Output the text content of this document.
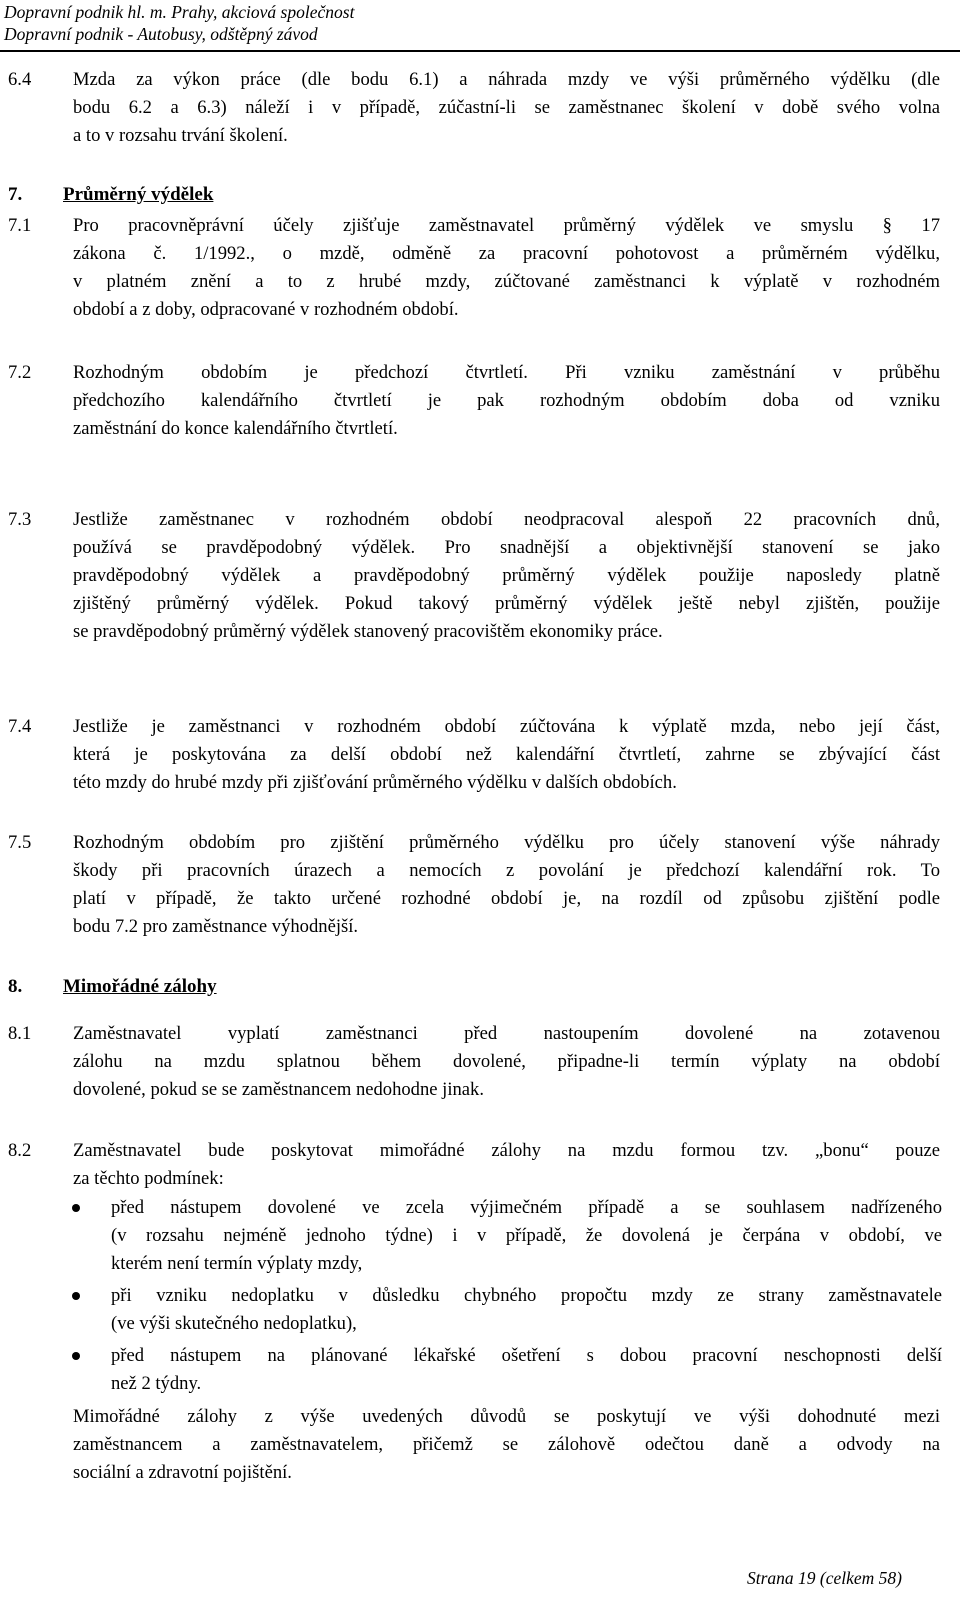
Dopravní podnik hl. m. Prahy, akciová společnost
Dopravní podnik - Autobusy, odštěpný závod
6.4 Mzda za výkon práce (dle bodu 6.1) a náhrada mzdy ve výši průměrného výdělku (dle
bodu 6.2 a 6.3) náleží i v případě, zúčastní-li se zaměstnanec školení v době svého volna
a to v rozsahu trvání školení.
7. Průměrný výdělek
7.1 Pro pracovněprávní účely zjišťuje zaměstnavatel průměrný výdělek ve smyslu § 17
zákona č. 1/1992., o mzdě, odměně za pracovní pohotovost a průměrném výdělku,
v platném znění a to z hrubé mzdy, zúčtované zaměstnanci k výplatě v rozhodném
období a z doby, odpracované v rozhodném období.
7.2 Rozhodným obdobím je předchozí čtvrtletí. Při vzniku zaměstnání v průběhu
předchozího kalendářního čtvrtletí je pak rozhodným obdobím doba od vzniku
zaměstnání do konce kalendářního čtvrtletí.
7.3 Jestliže zaměstnanec v rozhodném období neodpracoval alespoň 22 pracovních dnů,
používá se pravděpodobný výdělek. Pro snadnější a objektivnější stanovení se jako
pravděpodobný výdělek a pravděpodobný průměrný výdělek použije naposledy platně
zjištěný průměrný výdělek. Pokud takový průměrný výdělek ještě nebyl zjištěn, použije
se pravděpodobný průměrný výdělek stanovený pracovištěm ekonomiky práce.
7.4 Jestliže je zaměstnanci v rozhodném období zúčtována k výplatě mzda, nebo její část,
která je poskytována za delší období než kalendářní čtvrtletí, zahrne se zbývající část
této mzdy do hrubé mzdy při zjišťování průměrného výdělku v dalších obdobích.
7.5 Rozhodným obdobím pro zjištění průměrného výdělku pro účely stanovení výše náhrady
škody při pracovních úrazech a nemocích z povolání je předchozí kalendářní rok. To
platí v případě, že takto určené rozhodné období je, na rozdíl od způsobu zjištění podle
bodu 7.2 pro zaměstnance výhodnější.
8. Mimořádné zálohy
8.1 Zaměstnavatel vyplatí zaměstnanci před nastoupením dovolené na zotavenou
zálohu na mzdu splatnou během dovolené, připadne-li termín výplaty na období
dovolené, pokud se se zaměstnancem nedohodne jinak.
8.2 Zaměstnavatel bude poskytovat mimořádné zálohy na mzdu formou tzv. „bonu“ pouze
za těchto podmínek:
před nástupem dovolené ve zcela výjimečném případě a se souhlasem nadřízeného
(v rozsahu nejméně jednoho týdne) i v případě, že dovolená je čerpána v období, ve
kterém není termín výplaty mzdy,
při vzniku nedoplatku v důsledku chybného propočtu mzdy ze strany zaměstnavatele
(ve výši skutečného nedoplatku),
před nástupem na plánované lékařské ošetření s dobou pracovní neschopnosti delší
než 2 týdny.
Mimořádné zálohy z výše uvedených důvodů se poskytují ve výši dohodnuté mezi
zaměstnancem a zaměstnavatelem, přičemž se zálohově odečtou daně a odvody na
sociální a zdravotní pojištění.
Strana 19 (celkem 58)
